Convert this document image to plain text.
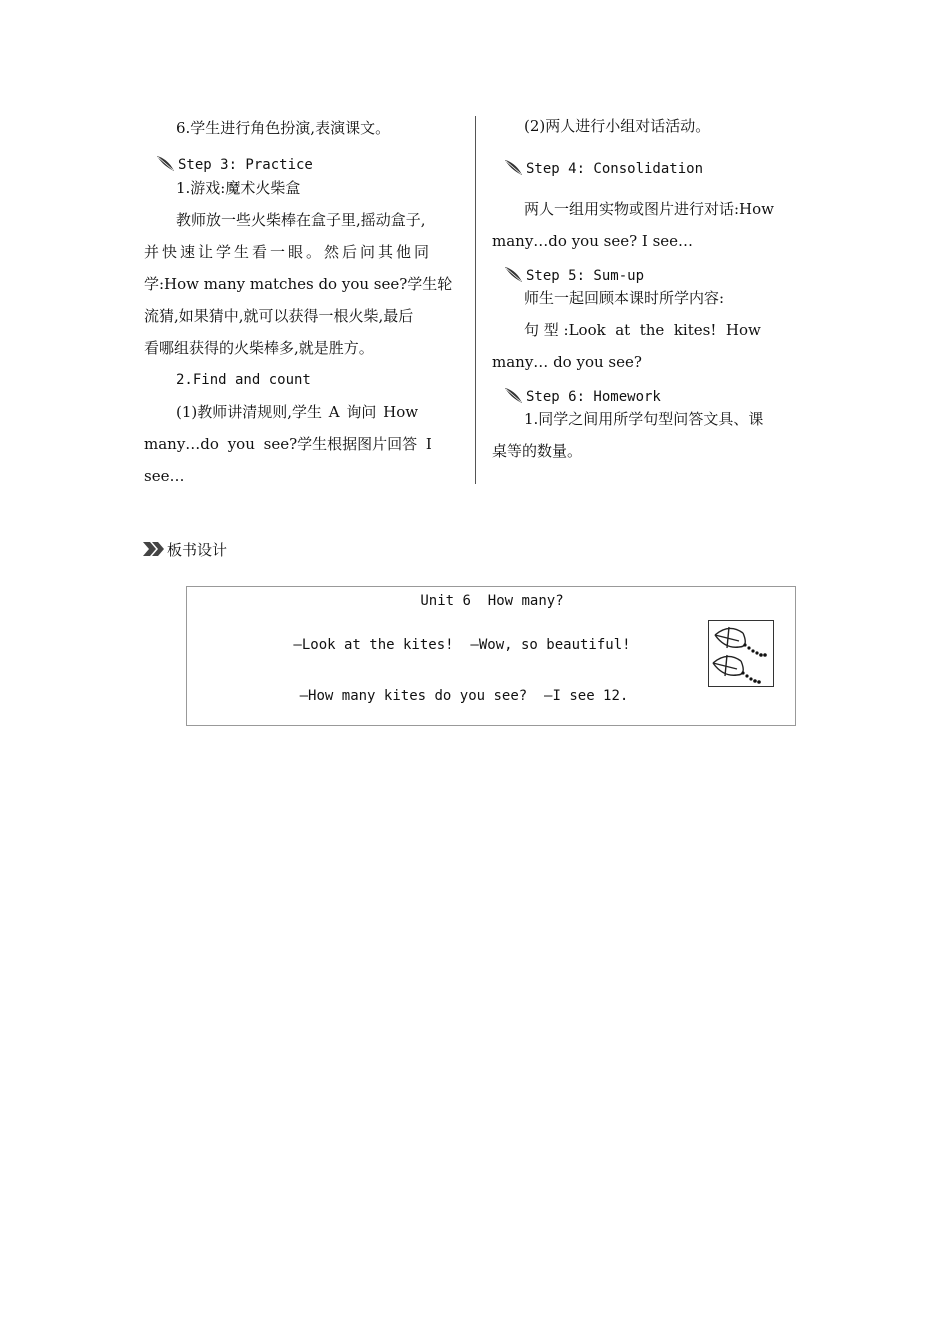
6.学生进行角色扮演,表演课文。

Step 3: Practice

1.游戏:魔术火柴盒

教师放一些火柴棒在盒子里,摇动盒子,

并快速让学生看一眼。然后问其他同

学:How many matches do you see?学生轮

流猜,如果猜中,就可以获得一根火柴,最后

看哪组获得的火柴棒多,就是胜方。

2.Find and count

(1)教师讲清规则,学生 A 询问 How

many…do you see?学生根据图片回答 I

see…

(2)两人进行小组对话活动。

Step 4: Consolidation

两人一组用实物或图片进行对话:How

many…do you see? I see…

Step 5: Sum-up

师生一起回顾本课时所学内容:

句 型 :Look  at  the  kites!  How

many… do you see?

Step 6: Homework

1.同学之间用所学句型问答文具、课

桌等的数量。

板书设计
Unit 6  How many?
—Look at the kites!  —Wow, so beautiful!
—How many kites do you see?  —I see 12.
